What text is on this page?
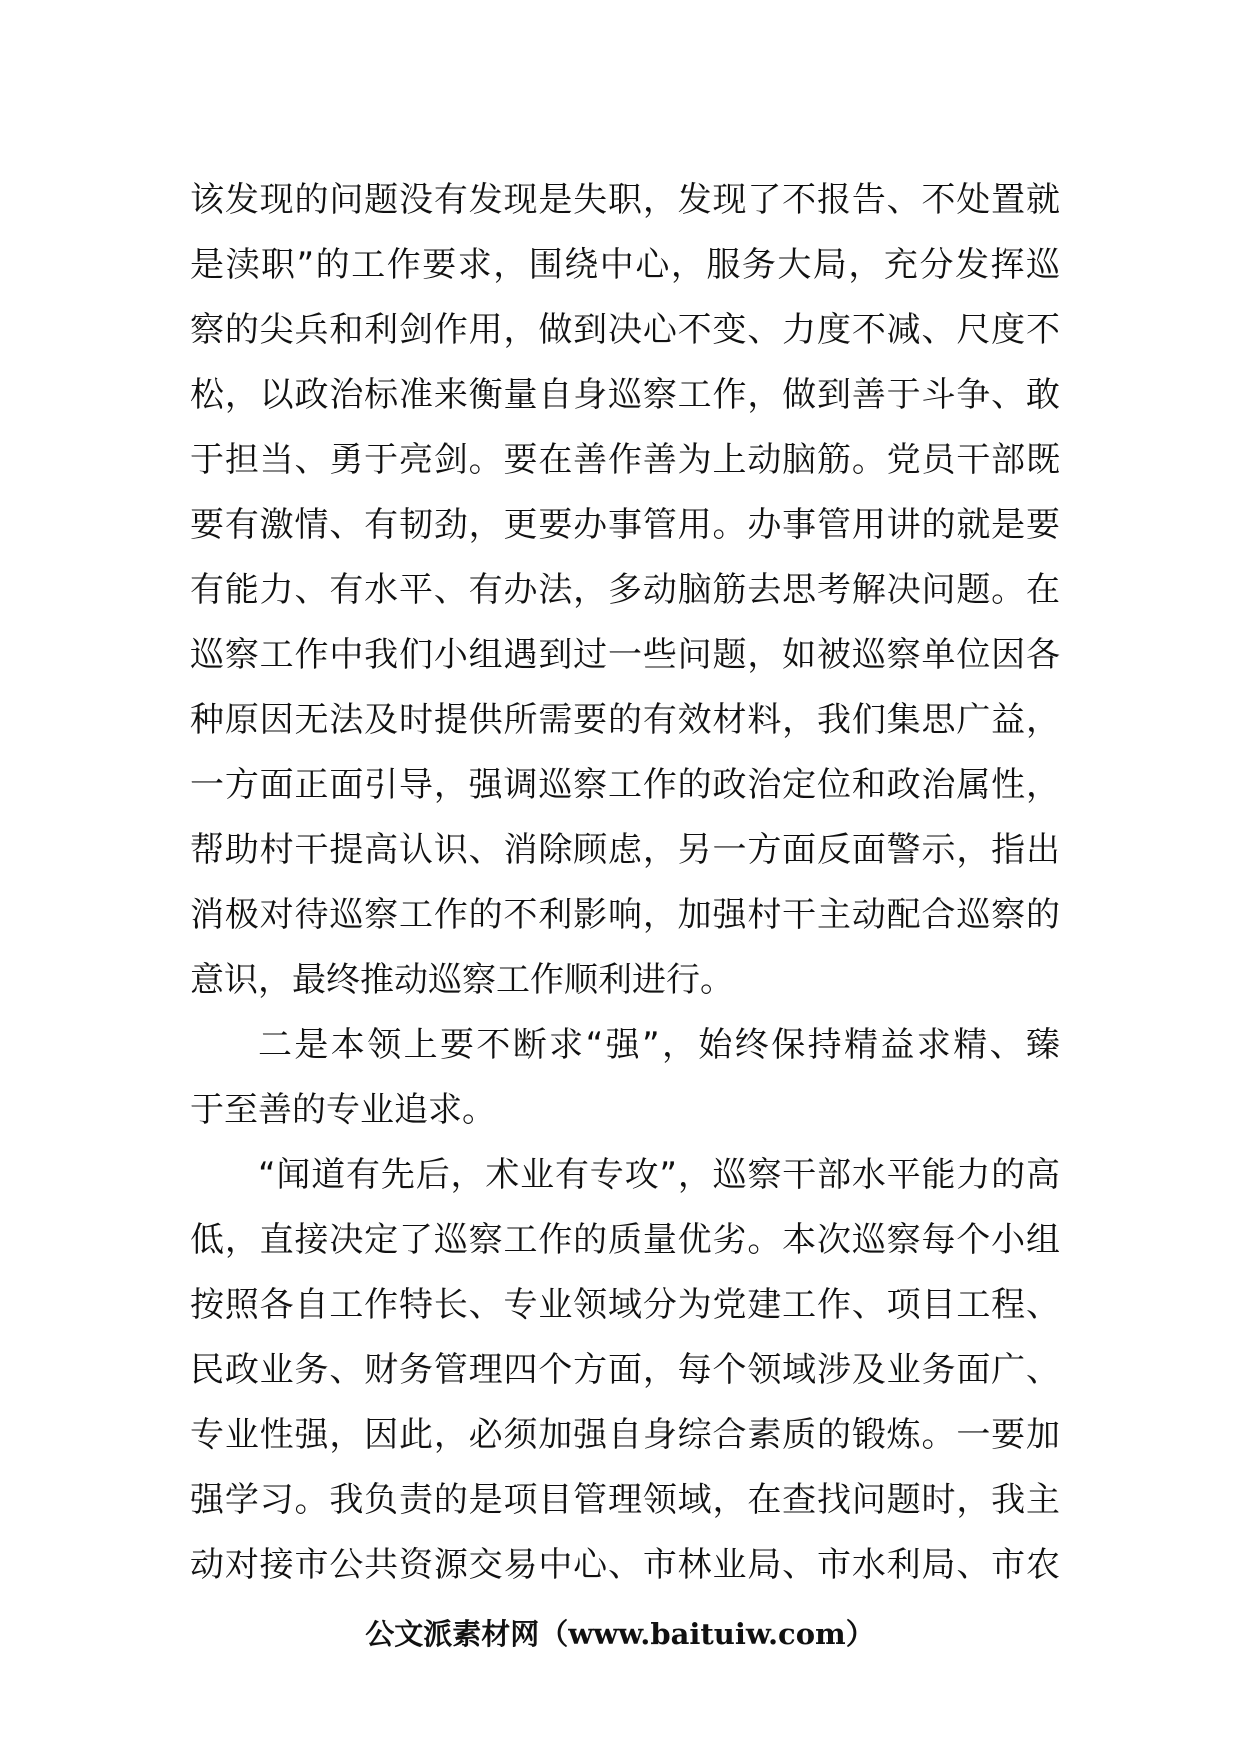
该发现的问题没有发现是失职，发现了不报告、不处置就
是渎职”的工作要求，围绕中心，服务大局，充分发挥巡
察的尖兵和利剑作用，做到决心不变、力度不减、尺度不
松，以政治标准来衡量自身巡察工作，做到善于斗争、敢
于担当、勇于亮剑。要在善作善为上动脑筋。党员干部既
要有激情、有韧劲，更要办事管用。办事管用讲的就是要
有能力、有水平、有办法，多动脑筋去思考解决问题。在
巡察工作中我们小组遇到过一些问题，如被巡察单位因各
种原因无法及时提供所需要的有效材料，我们集思广益，
一方面正面引导，强调巡察工作的政治定位和政治属性，
帮助村干提高认识、消除顾虑，另一方面反面警示，指出
消极对待巡察工作的不利影响，加强村干主动配合巡察的
意识，最终推动巡察工作顺利进行。
二是本领上要不断求“强”，始终保持精益求精、臻
于至善的专业追求。
“闻道有先后，术业有专攻”，巡察干部水平能力的高
低，直接决定了巡察工作的质量优劣。本次巡察每个小组
按照各自工作特长、专业领域分为党建工作、项目工程、
民政业务、财务管理四个方面，每个领域涉及业务面广、
专业性强，因此，必须加强自身综合素质的锻炼。一要加
强学习。我负责的是项目管理领域，在查找问题时，我主
动对接市公共资源交易中心、市林业局、市水利局、市农
公文派素材网（www.baituiw.com）
